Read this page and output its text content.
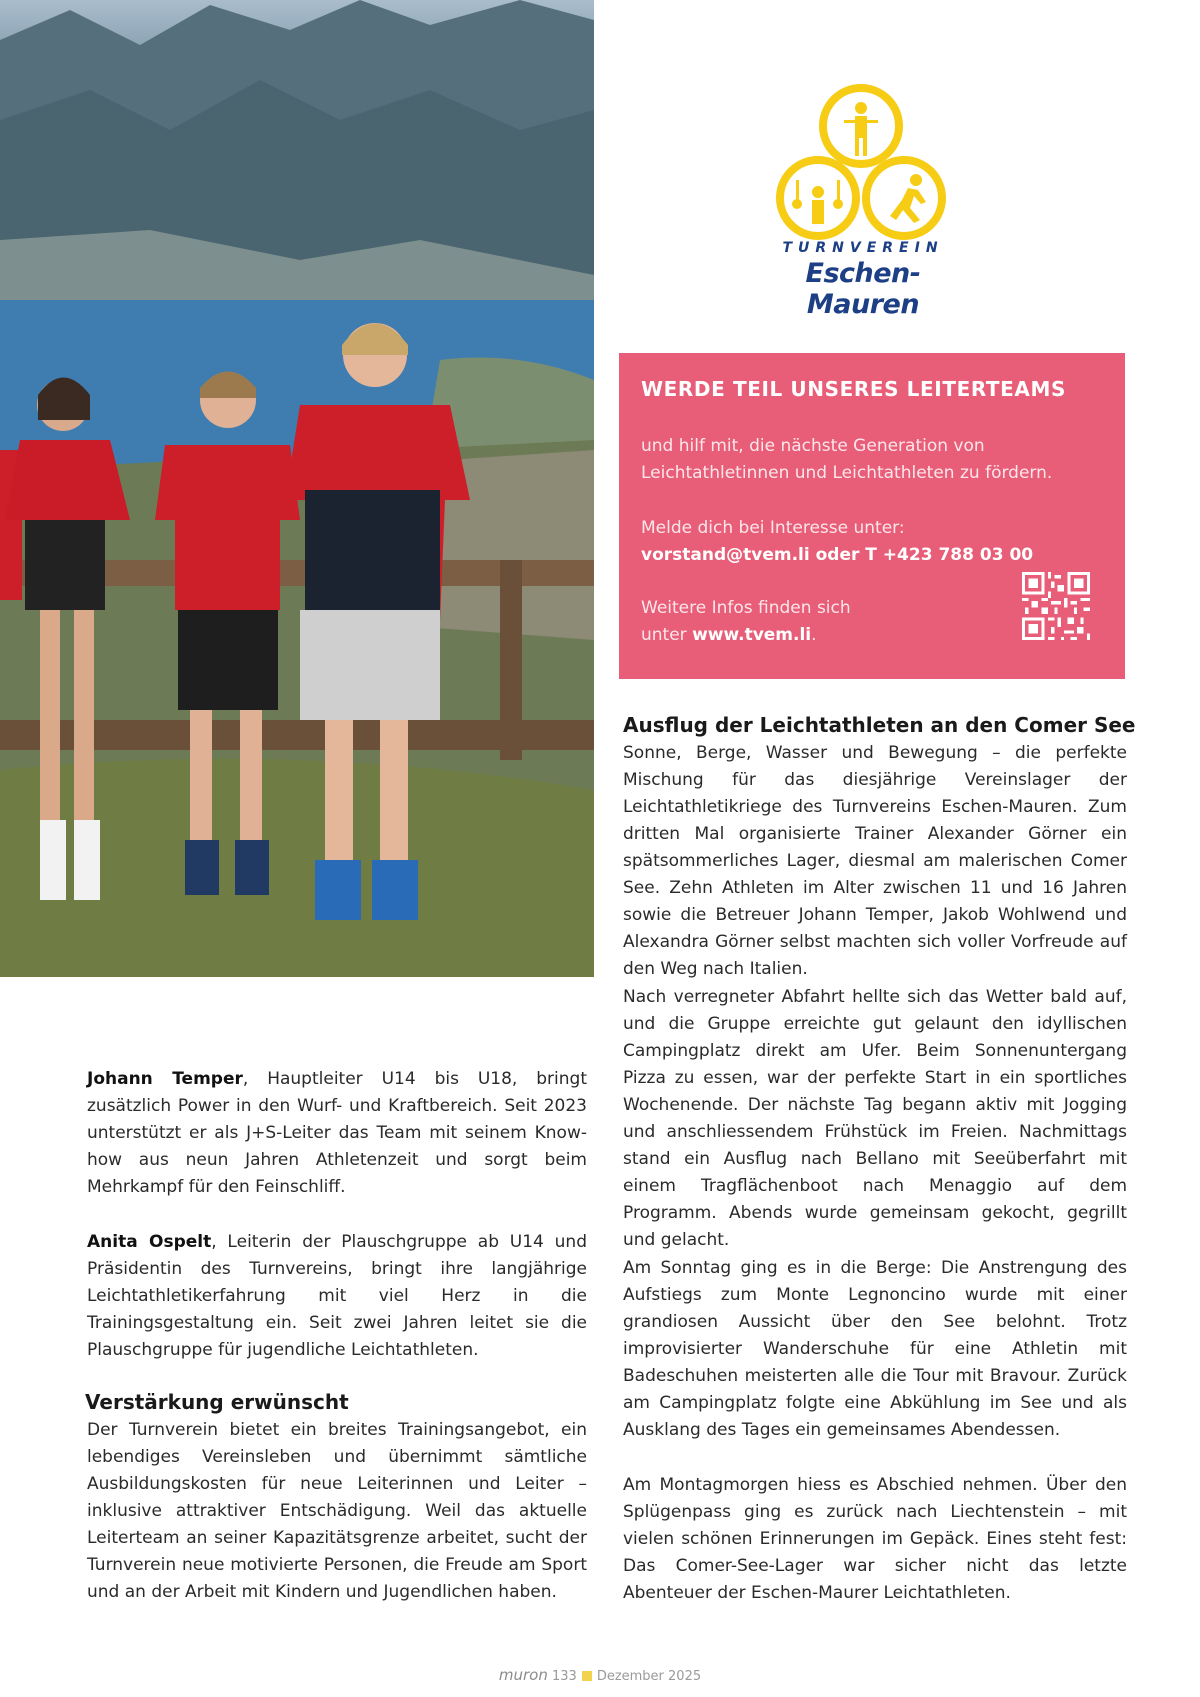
TURNVEREIN
Eschen-Mauren
WERDE TEIL UNSERES LEITERTEAMS
und hilf mit, die nächste Generation von Leichtathletinnen und Leichtathleten zu fördern.
Melde dich bei Interesse unter:
vorstand@tvem.li oder T +423 788 03 00
Weitere Infos finden sich
unter www.tvem.li.
Ausflug der Leichtathleten an den Comer See

Sonne, Berge, Wasser und Bewegung – die perfekte Mischung für das diesjährige Vereinslager der Leichtathletikriege des Turnvereins Eschen-Mauren. Zum dritten Mal organisierte Trainer Alexander Görner ein spätsommerliches Lager, diesmal am malerischen Comer See. Zehn Athleten im Alter zwischen 11 und 16 Jahren sowie die Betreuer Johann Temper, Jakob Wohlwend und Alexandra Görner selbst machten sich voller Vorfreude auf den Weg nach Italien.

Nach verregneter Abfahrt hellte sich das Wetter bald auf, und die Gruppe erreichte gut gelaunt den idyllischen Campingplatz direkt am Ufer. Beim Sonnenuntergang Pizza zu essen, war der perfekte Start in ein sportliches Wochenende. Der nächste Tag begann aktiv mit Jogging und anschliessendem Frühstück im Freien. Nachmittags stand ein Ausflug nach Bellano mit Seeüberfahrt mit einem Tragflächenboot nach Menaggio auf dem Programm. Abends wurde gemeinsam gekocht, gegrillt und gelacht.

Am Sonntag ging es in die Berge: Die Anstrengung des Aufstiegs zum Monte Legnoncino wurde mit einer grandiosen Aussicht über den See belohnt. Trotz improvisierter Wanderschuhe für eine Athletin mit Badeschuhen meisterten alle die Tour mit Bravour. Zurück am Campingplatz folgte eine Abkühlung im See und als Ausklang des Tages ein gemeinsames Abendessen.

Am Montagmorgen hiess es Abschied nehmen. Über den Splügenpass ging es zurück nach Liechtenstein – mit vielen schönen Erinnerungen im Gepäck. Eines steht fest: Das Comer-See-Lager war sicher nicht das letzte Abenteuer der Eschen-Maurer Leichtathleten.

Johann Temper, Hauptleiter U14 bis U18, bringt zusätzlich Power in den Wurf- und Kraftbereich. Seit 2023 unterstützt er als J+S-Leiter das Team mit seinem Know-how aus neun Jahren Athletenzeit und sorgt beim Mehrkampf für den Feinschliff.

Anita Ospelt, Leiterin der Plauschgruppe ab U14 und Präsidentin des Turnvereins, bringt ihre langjährige Leichtathletikerfahrung mit viel Herz in die Trainingsgestaltung ein. Seit zwei Jahren leitet sie die Plauschgruppe für jugendliche Leichtathleten.

Verstärkung erwünscht

Der Turnverein bietet ein breites Trainingsangebot, ein lebendiges Vereinsleben und übernimmt sämtliche Ausbildungskosten für neue Leiterinnen und Leiter – inklusive attraktiver Entschädigung. Weil das aktuelle Leiterteam an seiner Kapazitätsgrenze arbeitet, sucht der Turnverein neue motivierte Personen, die Freude am Sport und an der Arbeit mit Kindern und Jugendlichen haben.

muron 133 Dezember 2025
